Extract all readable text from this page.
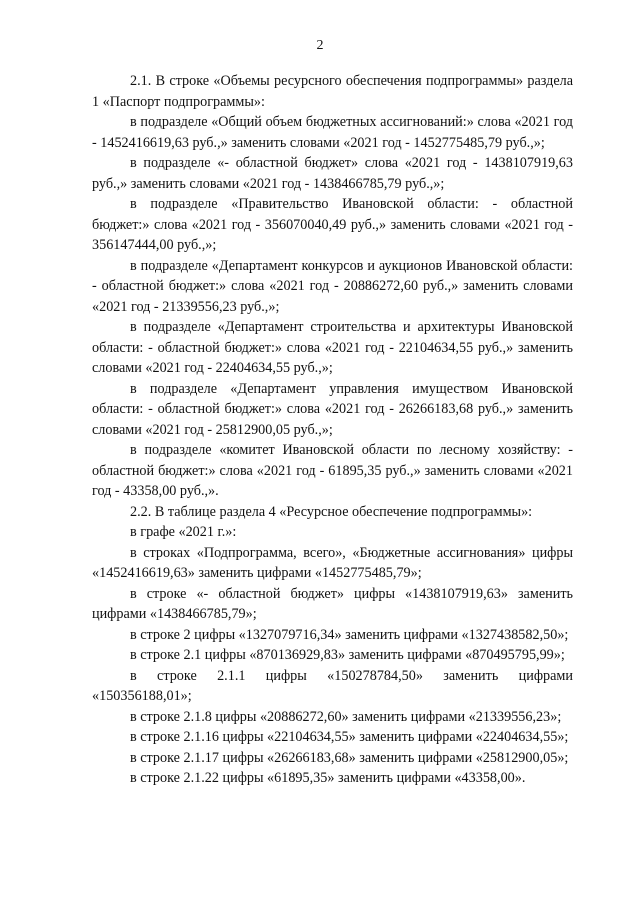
2

2.1. В строке «Объемы ресурсного обеспечения подпрограммы» раздела 1 «Паспорт подпрограммы»:

в подразделе «Общий объем бюджетных ассигнований:» слова «2021 год - 1452416619,63 руб.,» заменить словами «2021 год - 1452775485,79 руб.,»;

в подразделе «- областной бюджет» слова «2021 год - 1438107919,63 руб.,» заменить словами «2021 год - 1438466785,79 руб.,»;

в подразделе «Правительство Ивановской области: - областной бюджет:» слова «2021 год - 356070040,49 руб.,» заменить словами «2021 год - 356147444,00 руб.,»;

в подразделе «Департамент конкурсов и аукционов Ивановской области: - областной бюджет:» слова «2021 год - 20886272,60 руб.,» заменить словами «2021 год - 21339556,23 руб.,»;

в подразделе «Департамент строительства и архитектуры Ивановской области: - областной бюджет:» слова «2021 год - 22104634,55 руб.,» заменить словами «2021 год - 22404634,55 руб.,»;

в подразделе «Департамент управления имуществом Ивановской области: - областной бюджет:» слова «2021 год - 26266183,68 руб.,» заменить словами «2021 год - 25812900,05 руб.,»;

в подразделе «комитет Ивановской области по лесному хозяйству: - областной бюджет:» слова «2021 год - 61895,35 руб.,» заменить словами «2021 год - 43358,00 руб.,».

2.2. В таблице раздела 4 «Ресурсное обеспечение подпрограммы»:

в графе «2021 г.»:

в строках «Подпрограмма, всего», «Бюджетные ассигнования» цифры «1452416619,63» заменить цифрами «1452775485,79»;

в строке «- областной бюджет» цифры «1438107919,63» заменить цифрами «1438466785,79»;

в строке 2 цифры «1327079716,34» заменить цифрами «1327438582,50»;

в строке 2.1 цифры «870136929,83» заменить цифрами «870495795,99»;

в строке 2.1.1 цифры «150278784,50» заменить цифрами «150356188,01»;

в строке 2.1.8 цифры «20886272,60» заменить цифрами «21339556,23»;

в строке 2.1.16 цифры «22104634,55» заменить цифрами «22404634,55»;

в строке 2.1.17 цифры «26266183,68» заменить цифрами «25812900,05»;

в строке 2.1.22 цифры «61895,35» заменить цифрами «43358,00».
